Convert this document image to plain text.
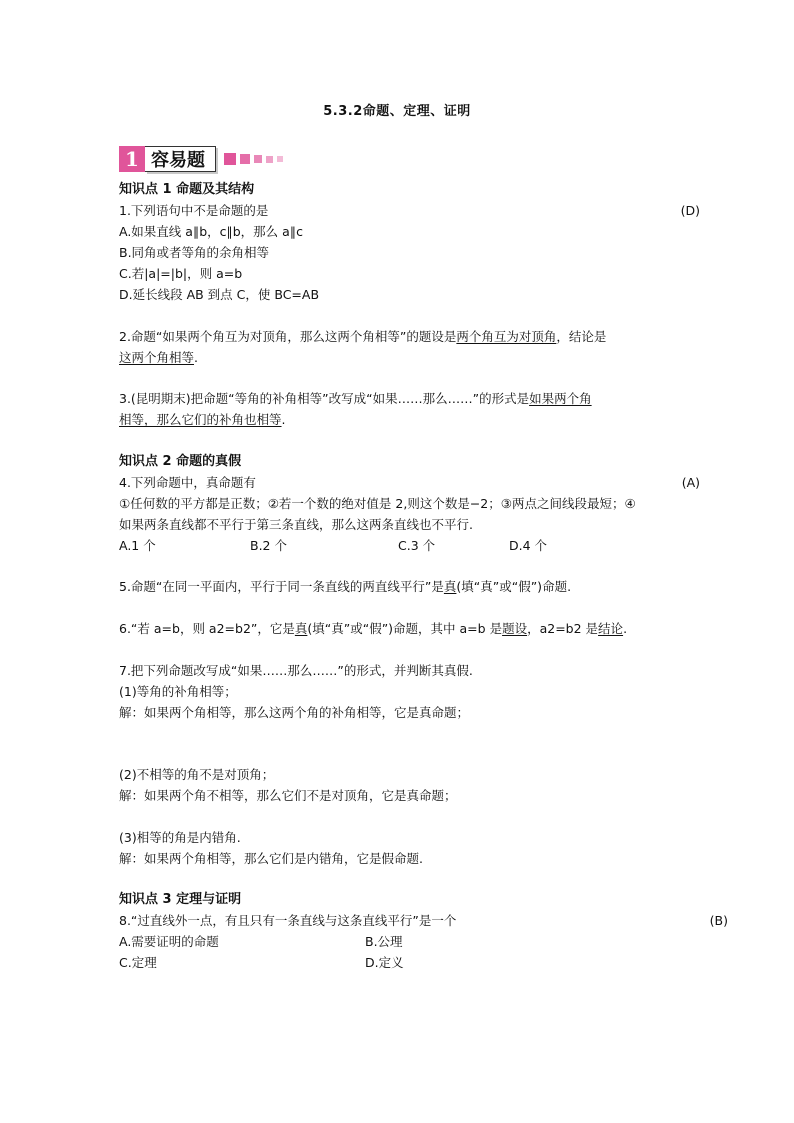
5.3.2命题、定理、证明
1 容易题
知识点 1 命题及其结构
1.下列语句中不是命题的是	(D)
A.如果直线 a∥b，c∥b，那么 a∥c
B.同角或者等角的余角相等
C.若|a|=|b|，则 a=b
D.延长线段 AB 到点 C，使 BC=AB
2.命题“如果两个角互为对顶角，那么这两个角相等”的题设是两个角互为对顶角，结论是
这两个角相等.
3.(昆明期末)把命题“等角的补角相等”改写成“如果……那么……”的形式是如果两个角
相等，那么它们的补角也相等.
知识点 2 命题的真假
4.下列命题中，真命题有	(A)
①任何数的平方都是正数；②若一个数的绝对值是 2,则这个数是−2；③两点之间线段最短；④
如果两条直线都不平行于第三条直线，那么这两条直线也不平行.
A.1 个	B.2 个	C.3 个	D.4 个
5.命题“在同一平面内，平行于同一条直线的两直线平行”是真(填“真”或“假”)命题.
6.“若 a=b，则 a2=b2”，它是真(填“真”或“假”)命题，其中 a=b 是题设，a2=b2 是结论.
7.把下列命题改写成“如果……那么……”的形式，并判断其真假.
(1)等角的补角相等；
解：如果两个角相等，那么这两个角的补角相等，它是真命题；
(2)不相等的角不是对顶角；
解：如果两个角不相等，那么它们不是对顶角，它是真命题；
(3)相等的角是内错角.
解：如果两个角相等，那么它们是内错角，它是假命题.
知识点 3 定理与证明
8.“过直线外一点，有且只有一条直线与这条直线平行”是一个	(B)
A.需要证明的命题	B.公理
C.定理	D.定义
